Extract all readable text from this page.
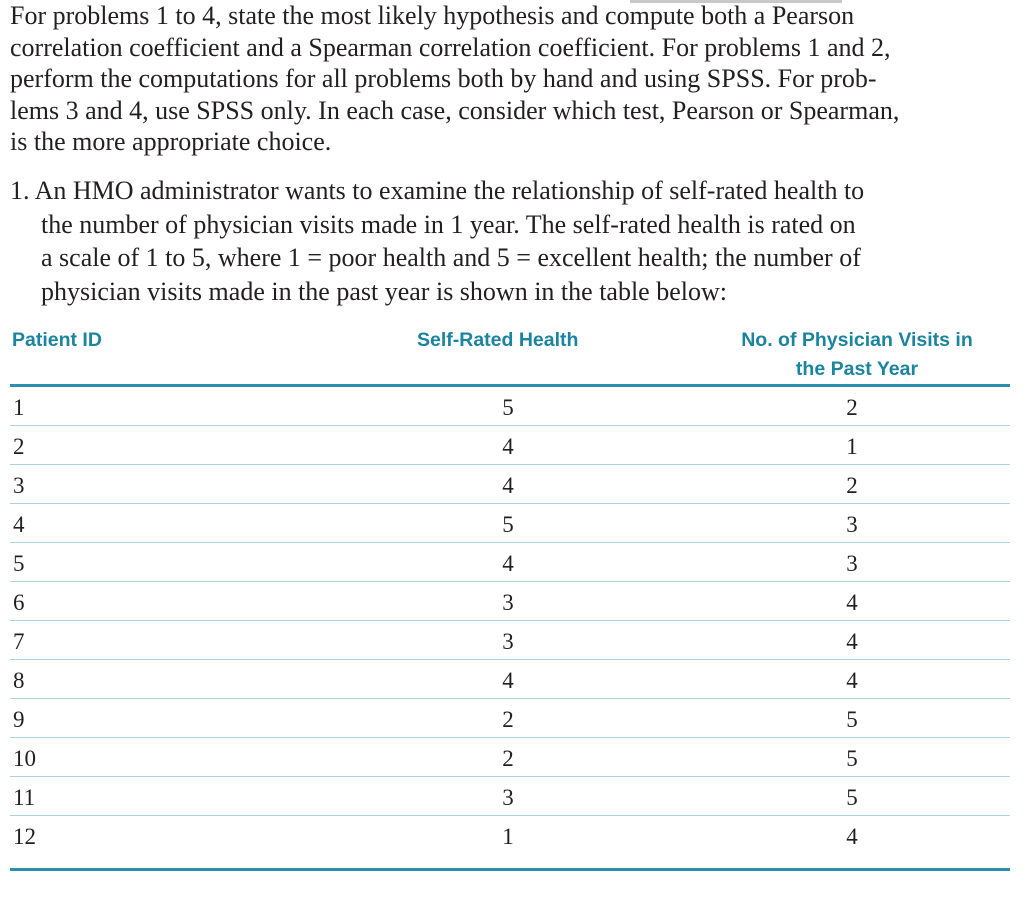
For problems 1 to 4, state the most likely hypothesis and compute both a Pearson
correlation coefficient and a Spearman correlation coefficient. For problems 1 and 2,
perform the computations for all problems both by hand and using SPSS. For prob-
lems 3 and 4, use SPSS only. In each case, consider which test, Pearson or Spearman,
is the more appropriate choice.
1. An HMO administrator wants to examine the relationship of self-rated health to
the number of physician visits made in 1 year. The self-rated health is rated on
a scale of 1 to 5, where 1 = poor health and 5 = excellent health; the number of
physician visits made in the past year is shown in the table below:
Patient ID	Self-Rated Health	No. of Physician Visits in
the Past Year
1	5	2
2	4	1
3	4	2
4	5	3
5	4	3
6	3	4
7	3	4
8	4	4
9	2	5
10	2	5
11	3	5
12	1	4
